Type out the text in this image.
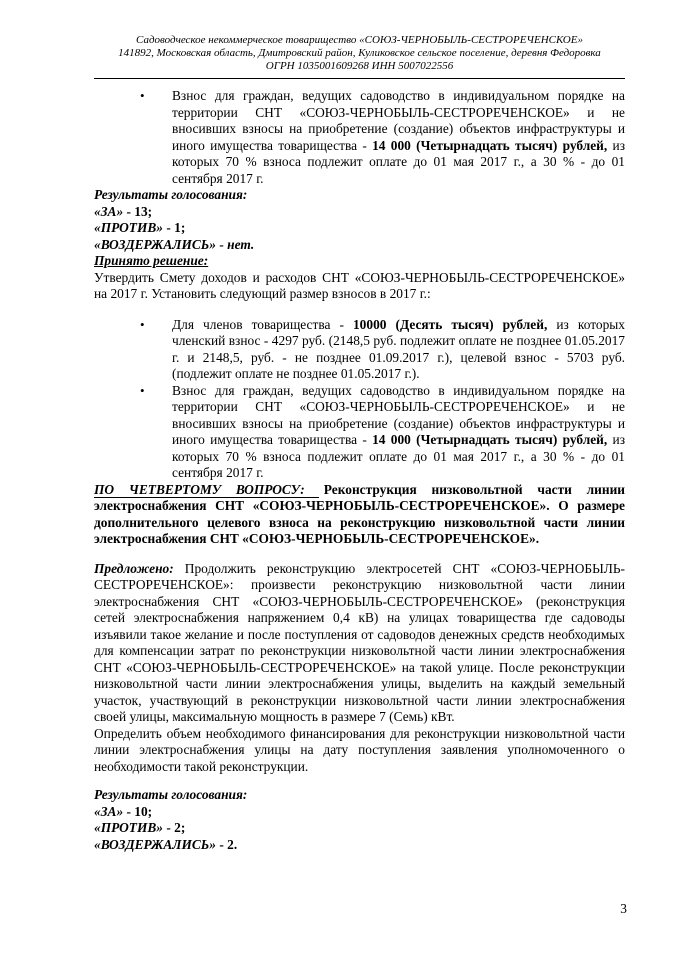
Садоводческое некоммерческое товарищество «СОЮЗ-ЧЕРНОБЫЛЬ-СЕСТРОРЕЧЕНСКОЕ»
141892, Московская область, Дмитровский район, Куликовское сельское поселение, деревня Федоровка
ОГРН 1035001609268 ИНН 5007022556
• Взнос для граждан, ведущих садоводство в индивидуальном порядке на территории СНТ «СОЮЗ-ЧЕРНОБЫЛЬ-СЕСТРОРЕЧЕНСКОЕ» и не вносивших взносы на приобретение (создание) объектов инфраструктуры и иного имущества товарищества - 14 000 (Четырнадцать тысяч) рублей, из которых 70 % взноса подлежит оплате до 01 мая 2017 г., а 30 % - до 01 сентября 2017 г.
Результаты голосования:
«ЗА» - 13;
«ПРОТИВ» - 1;
«ВОЗДЕРЖАЛИСЬ» - нет.
Принято решение:

Утвердить Смету доходов и расходов СНТ «СОЮЗ-ЧЕРНОБЫЛЬ-СЕСТРОРЕЧЕНСКОЕ» на 2017 г. Установить следующий размер взносов в 2017 г.:

• Для членов товарищества - 10000 (Десять тысяч) рублей, из которых членский взнос - 4297 руб. (2148,5 руб. подлежит оплате не позднее 01.05.2017 г. и 2148,5, руб. - не позднее 01.09.2017 г.), целевой взнос - 5703 руб. (подлежит оплате не позднее 01.05.2017 г.).
• Взнос для граждан, ведущих садоводство в индивидуальном порядке на территории СНТ «СОЮЗ-ЧЕРНОБЫЛЬ-СЕСТРОРЕЧЕНСКОЕ» и не вносивших взносы на приобретение (создание) объектов инфраструктуры и иного имущества товарищества - 14 000 (Четырнадцать тысяч) рублей, из которых 70 % взноса подлежит оплате до 01 мая 2017 г., а 30 % - до 01 сентября 2017 г.

ПО ЧЕТВЕРТОМУ ВОПРОСУ: Реконструкция низковольтной части линии электроснабжения СНТ «СОЮЗ-ЧЕРНОБЫЛЬ-СЕСТРОРЕЧЕНСКОЕ». О размере дополнительного целевого взноса на реконструкцию низковольтной части линии электроснабжения СНТ «СОЮЗ-ЧЕРНОБЫЛЬ-СЕСТРОРЕЧЕНСКОЕ».

Предложено: Продолжить реконструкцию электросетей СНТ «СОЮЗ-ЧЕРНОБЫЛЬ-СЕСТРОРЕЧЕНСКОЕ»: произвести реконструкцию низковольтной части линии электроснабжения СНТ «СОЮЗ-ЧЕРНОБЫЛЬ-СЕСТРОРЕЧЕНСКОЕ» (реконструкция сетей электроснабжения напряжением 0,4 кВ) на улицах товарищества где садоводы изъявили такое желание и после поступления от садоводов денежных средств необходимых для компенсации затрат по реконструкции низковольтной части линии электроснабжения СНТ «СОЮЗ-ЧЕРНОБЫЛЬ-СЕСТРОРЕЧЕНСКОЕ» на такой улице. После реконструкции низковольтной части линии электроснабжения улицы, выделить на каждый земельный участок, участвующий в реконструкции низковольтной части линии электроснабжения своей улицы, максимальную мощность в размере 7 (Семь) кВт.

Определить объем необходимого финансирования для реконструкции низковольтной части линии электроснабжения улицы на дату поступления заявления уполномоченного о необходимости такой реконструкции.

Результаты голосования:
«ЗА» - 10;
«ПРОТИВ» - 2;
«ВОЗДЕРЖАЛИСЬ» - 2.
3
